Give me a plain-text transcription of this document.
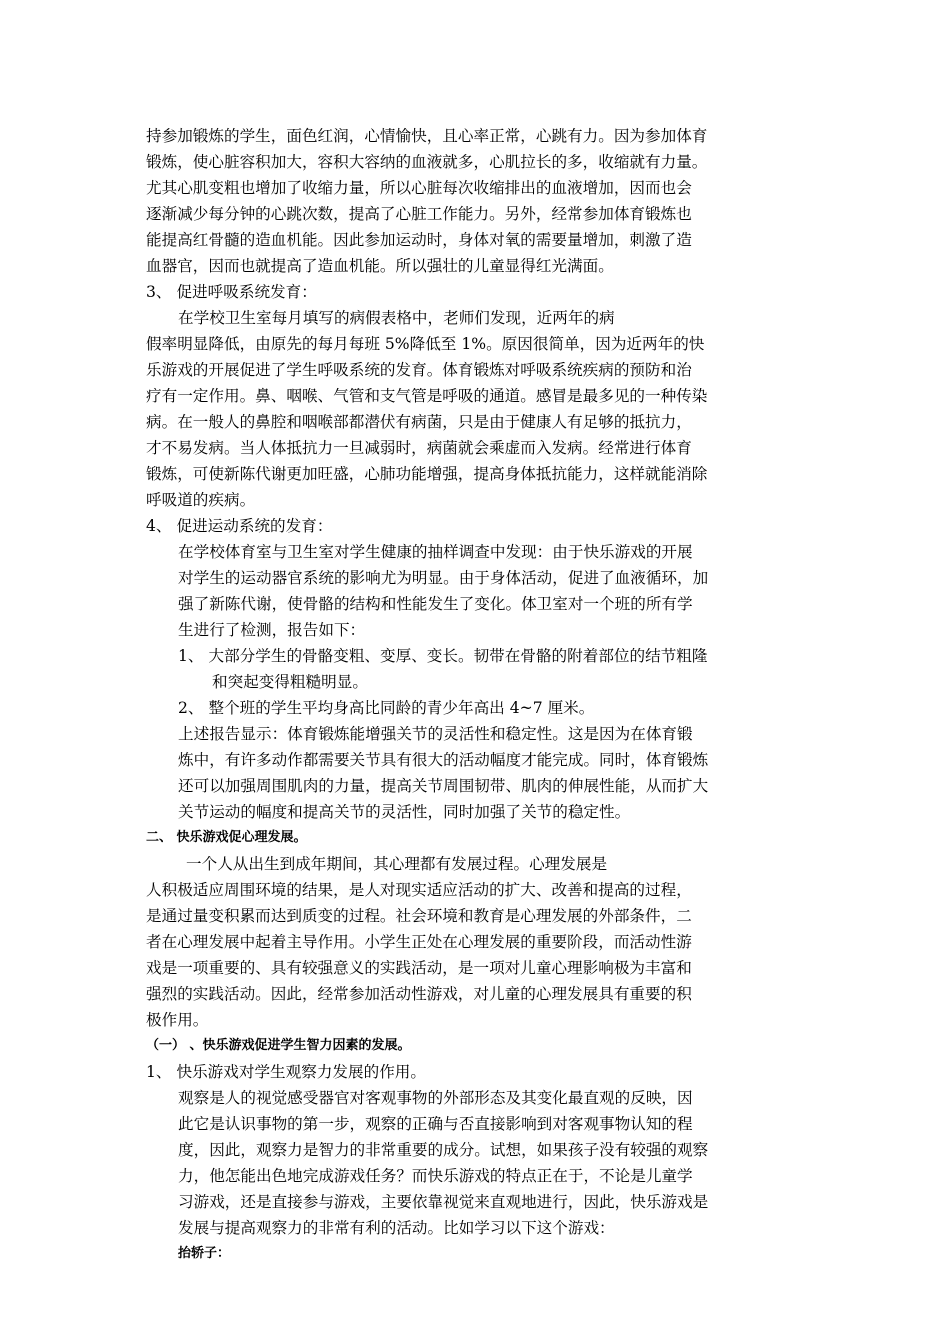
持参加锻炼的学生，面色红润，心情愉快，且心率正常，心跳有力。因为参加体育
锻炼，使心脏容积加大，容积大容纳的血液就多，心肌拉长的多，收缩就有力量。
尤其心肌变粗也增加了收缩力量，所以心脏每次收缩排出的血液增加，因而也会
逐渐减少每分钟的心跳次数，提高了心脏工作能力。另外，经常参加体育锻炼也
能提高红骨髓的造血机能。因此参加运动时，身体对氧的需要量增加，刺激了造
血器官，因而也就提高了造血机能。所以强壮的儿童显得红光满面。
3、 促进呼吸系统发育：
在学校卫生室每月填写的病假表格中，老师们发现，近两年的病
假率明显降低，由原先的每月每班 5%降低至 1%。原因很简单，因为近两年的快
乐游戏的开展促进了学生呼吸系统的发育。体育锻炼对呼吸系统疾病的预防和治
疗有一定作用。鼻、咽喉、气管和支气管是呼吸的通道。感冒是最多见的一种传染
病。在一般人的鼻腔和咽喉部都潜伏有病菌，只是由于健康人有足够的抵抗力，
才不易发病。当人体抵抗力一旦减弱时，病菌就会乘虚而入发病。经常进行体育
锻炼，可使新陈代谢更加旺盛，心肺功能增强，提高身体抵抗能力，这样就能消除
呼吸道的疾病。
4、 促进运动系统的发育：
在学校体育室与卫生室对学生健康的抽样调查中发现：由于快乐游戏的开展
对学生的运动器官系统的影响尤为明显。由于身体活动，促进了血液循环，加
强了新陈代谢，使骨骼的结构和性能发生了变化。体卫室对一个班的所有学
生进行了检测，报告如下：
1、 大部分学生的骨骼变粗、变厚、变长。韧带在骨骼的附着部位的结节粗隆
和突起变得粗糙明显。
2、 整个班的学生平均身高比同龄的青少年高出 4~7 厘米。
上述报告显示：体育锻炼能增强关节的灵活性和稳定性。这是因为在体育锻
炼中，有许多动作都需要关节具有很大的活动幅度才能完成。同时，体育锻炼
还可以加强周围肌肉的力量，提高关节周围韧带、肌肉的伸展性能，从而扩大
关节运动的幅度和提高关节的灵活性，同时加强了关节的稳定性。
二、 快乐游戏促心理发展。
一个人从出生到成年期间，其心理都有发展过程。心理发展是
人积极适应周围环境的结果，是人对现实适应活动的扩大、改善和提高的过程，
是通过量变积累而达到质变的过程。社会环境和教育是心理发展的外部条件，二
者在心理发展中起着主导作用。小学生正处在心理发展的重要阶段，而活动性游
戏是一项重要的、具有较强意义的实践活动，是一项对儿童心理影响极为丰富和
强烈的实践活动。因此，经常参加活动性游戏，对儿童的心理发展具有重要的积
极作用。
（一） 、快乐游戏促进学生智力因素的发展。
1、 快乐游戏对学生观察力发展的作用。
观察是人的视觉感受器官对客观事物的外部形态及其变化最直观的反映，因
此它是认识事物的第一步，观察的正确与否直接影响到对客观事物认知的程
度，因此，观察力是智力的非常重要的成分。试想，如果孩子没有较强的观察
力，他怎能出色地完成游戏任务？而快乐游戏的特点正在于，不论是儿童学
习游戏，还是直接参与游戏，主要依靠视觉来直观地进行，因此，快乐游戏是
发展与提高观察力的非常有利的活动。比如学习以下这个游戏：
抬轿子：
